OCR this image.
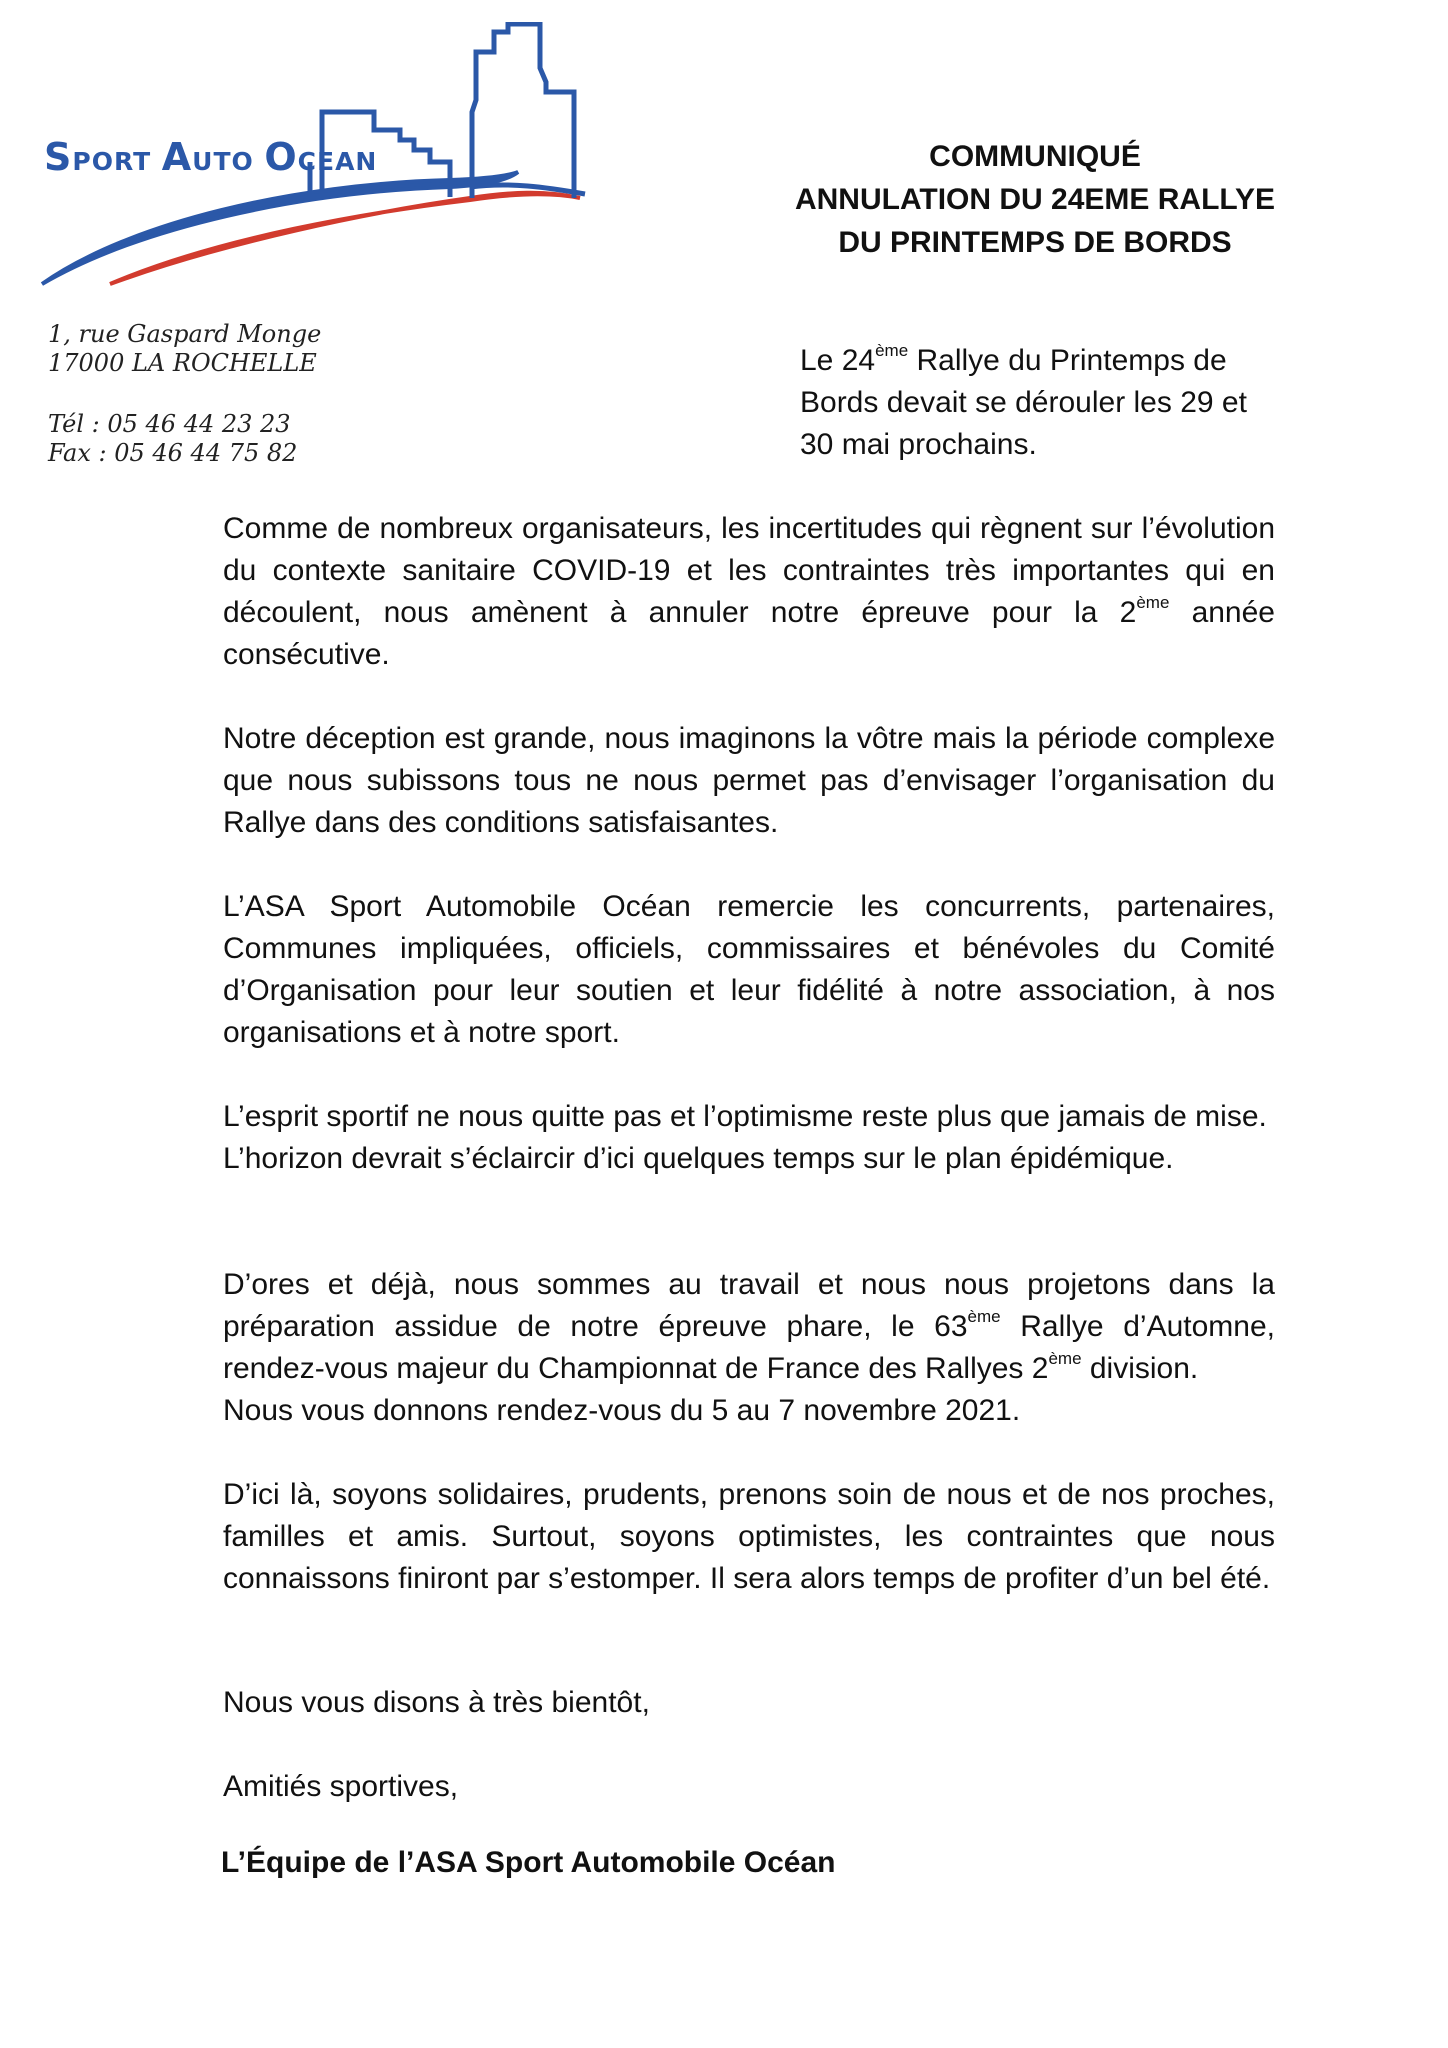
SPORT AUTO OCEAN
1, rue Gaspard Monge
17000 LA ROCHELLE
Tél : 05 46 44 23 23
Fax : 05 46 44 75 82
COMMUNIQUÉ
ANNULATION DU 24EME RALLYE
DU PRINTEMPS DE BORDS

Le 24ème Rallye du Printemps de Bords devait se dérouler les 29 et 30 mai prochains.

Comme de nombreux organisateurs, les incertitudes qui règnent sur l’évolution du contexte sanitaire COVID-19 et les contraintes très importantes qui en découlent, nous amènent à annuler notre épreuve pour la 2ème année consécutive.

Notre déception est grande, nous imaginons la vôtre mais la période complexe que nous subissons tous ne nous permet pas d’envisager l’organisation du Rallye dans des conditions satisfaisantes.

L’ASA Sport Automobile Océan remercie les concurrents, partenaires, Communes impliquées, officiels, commissaires et bénévoles du Comité d’Organisation pour leur soutien et leur fidélité à notre association, à nos organisations et à notre sport.

L’esprit sportif ne nous quitte pas et l’optimisme reste plus que jamais de mise.
L’horizon devrait s’éclaircir d’ici quelques temps sur le plan épidémique.
D’ores et déjà, nous sommes au travail et nous nous projetons dans la préparation assidue de notre épreuve phare, le 63ème Rallye d’Automne, rendez-vous majeur du Championnat de France des Rallyes 2ème division.
Nous vous donnons rendez-vous du 5 au 7 novembre 2021.

D’ici là, soyons solidaires, prudents, prenons soin de nous et de nos proches, familles et amis. Surtout, soyons optimistes, les contraintes que nous connaissons finiront par s’estomper. Il sera alors temps de profiter d’un bel été.

Nous vous disons à très bientôt,

Amitiés sportives,

L’Équipe de l’ASA Sport Automobile Océan
